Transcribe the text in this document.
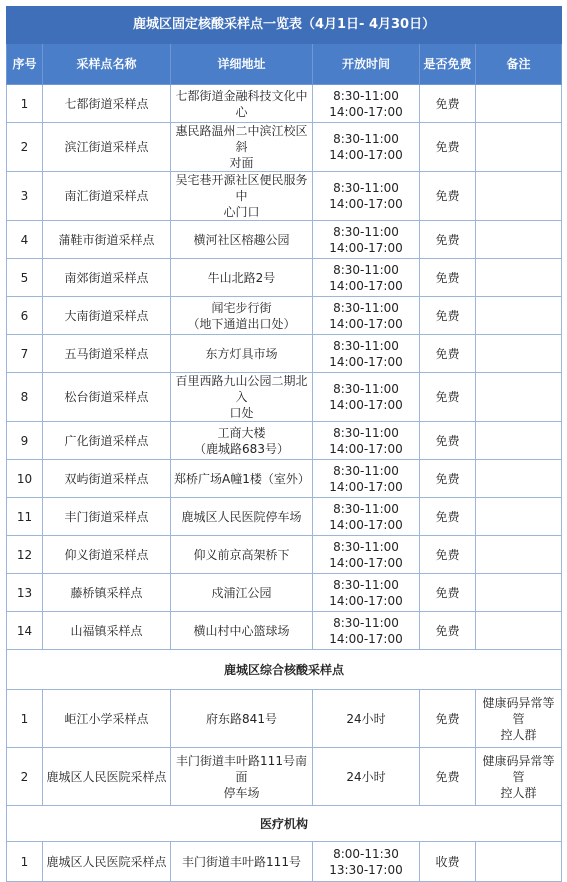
鹿城区固定核酸采样点一览表（4月1日- 4月30日）					
序号	采样点名称	详细地址	开放时间	是否免费	备注

1	七都街道采样点	七都街道金融科技文化中心	8:30-11:00
14:00-17:00	免费	

2	滨江街道采样点	惠民路温州二中滨江校区斜
对面	8:30-11:00
14:00-17:00	免费	

3	南汇街道采样点	吴宅巷开源社区便民服务中
心门口	8:30-11:00
14:00-17:00	免费	

4	蒲鞋市街道采样点	横河社区榕趣公园	8:30-11:00
14:00-17:00	免费	

5	南郊街道采样点	牛山北路2号	8:30-11:00
14:00-17:00	免费	

6	大南街道采样点	闻宅步行街
（地下通道出口处）	8:30-11:00
14:00-17:00	免费	

7	五马街道采样点	东方灯具市场	8:30-11:00
14:00-17:00	免费	

8	松台街道采样点	百里西路九山公园二期北入
口处	8:30-11:00
14:00-17:00	免费	

9	广化街道采样点	工商大楼
（鹿城路683号）	8:30-11:00
14:00-17:00	免费	

10	双屿街道采样点	郑桥广场A幢1楼（室外）	8:30-11:00
14:00-17:00	免费	

11	丰门街道采样点	鹿城区人民医院停车场	8:30-11:00
14:00-17:00	免费	

12	仰义街道采样点	仰义前京高架桥下	8:30-11:00
14:00-17:00	免费	

13	藤桥镇采样点	戍浦江公园	8:30-11:00
14:00-17:00	免费	

14	山福镇采样点	横山村中心篮球场	8:30-11:00
14:00-17:00	免费	

鹿城区综合核酸采样点					

1	岠江小学采样点	府东路841号	24小时	免费	健康码异常等管
控人群

2	鹿城区人民医院采样点	丰门街道丰叶路111号南面
停车场	24小时	免费	健康码异常等管
控人群

医疗机构					

1	鹿城区人民医院采样点	丰门街道丰叶路111号	8:00-11:30
13:30-17:00	收费	
